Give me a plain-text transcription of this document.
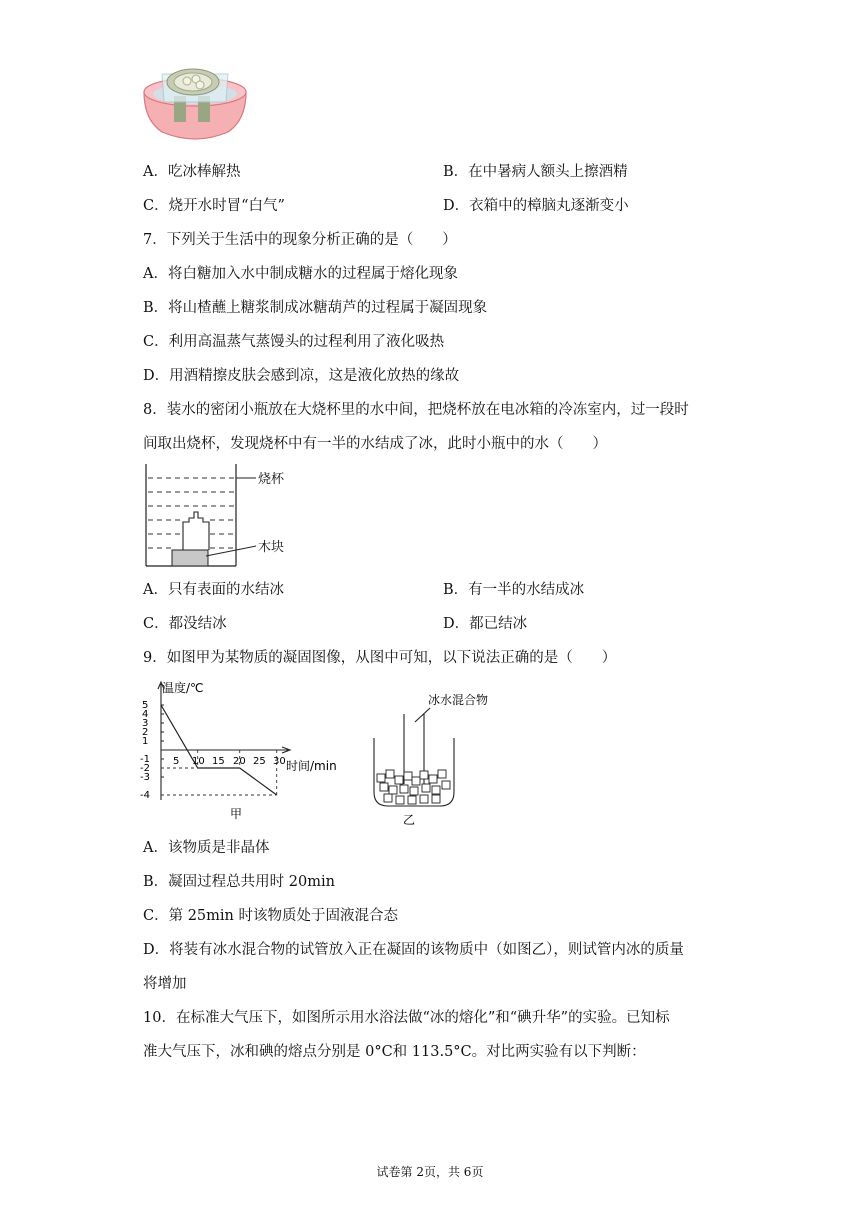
A．吃冰棒解热	B．在中暑病人额头上擦酒精
C．烧开水时冒“白气”	D．衣箱中的樟脑丸逐渐变小
7．下列关于生活中的现象分析正确的是（　　）
A．将白糖加入水中制成糖水的过程属于熔化现象
B．将山楂蘸上糖浆制成冰糖葫芦的过程属于凝固现象
C．利用高温蒸气蒸馒头的过程利用了液化吸热
D．用酒精擦皮肤会感到凉，这是液化放热的缘故
8．装水的密闭小瓶放在大烧杯里的水中间，把烧杯放在电冰箱的冷冻室内，过一段时
间取出烧杯，发现烧杯中有一半的水结成了冰，此时小瓶中的水（　　）
烧杯
木块
A．只有表面的水结冰	B．有一半的水结成冰
C．都没结冰	D．都已结冰
9．如图甲为某物质的凝固图像，从图中可知，以下说法正确的是（　　）
5
4
3
2
1
-1
-2
-3
-4
5 10 15 20 25 30
温度/℃
时间/min
甲
冰水混合物
乙
A．该物质是非晶体
B．凝固过程总共用时 20min
C．第 25min 时该物质处于固液混合态
D．将装有冰水混合物的试管放入正在凝固的该物质中（如图乙），则试管内冰的质量
将增加
10．在标准大气压下，如图所示用水浴法做“冰的熔化”和“碘升华”的实验。已知标
准大气压下，冰和碘的熔点分别是 0°C和 113.5°C。对比两实验有以下判断：
试卷第 2页，共 6页
